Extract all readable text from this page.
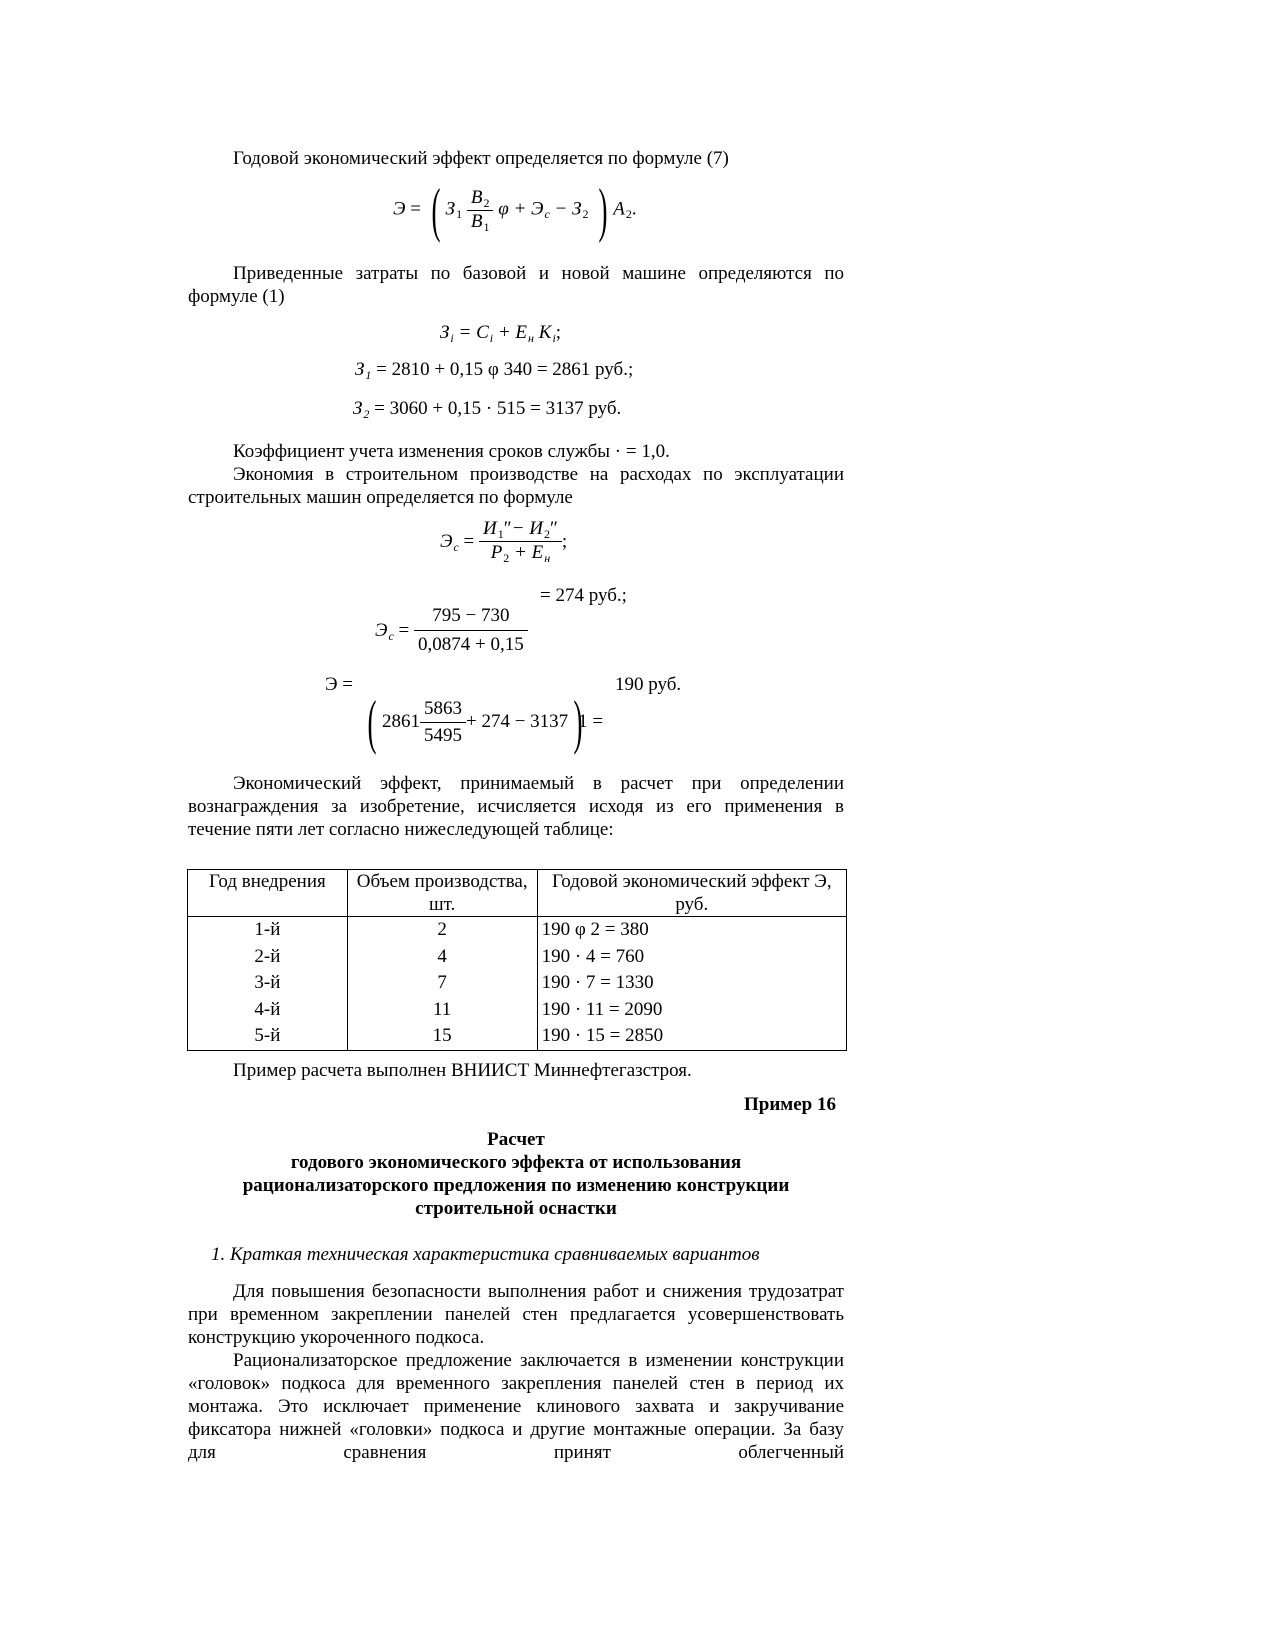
Годовой экономический эффект определяется по формуле (7)
Э = ( $З_1 \frac{В_2}{В_1}$ $\varphi + Э_с - З_2$ ) $A_2$.
Приведенные затраты по базовой и новой машине определяются по формуле (1)
$З_i = C_i + E_н$ $K_i$;
$З_1 = 2810 + 0,15$ φ 340 = 2861 руб.;
$З_2 = 3060 + 0,15 \cdot 515 = 3137$ руб.
Коэффициент учета изменения сроков службы · = 1,0.
Экономия в строительном производстве на расходах по эксплуатации строительных машин определяется по формуле
$Э_с = \frac{И_1''- И_2''}{P_2 + E_н}$ ;
= 274 руб.;
$Э_с = \frac{795 - 730}{0,0874 + 0,15}$
Э =	190 руб.
( $2861 \frac{5863}{5495} + 274 - 3137)1$ =
Экономический эффект, принимаемый в расчет при определении вознаграждения за изобретение, исчисляется исходя из его применения в течение пяти лет согласно нижеследующей таблице:
Год внедрения	Объем производства, шт.	Годовой экономический эффект Э, руб.
1-й	2	190 φ 2 = 380
2-й	4	190 · 4 = 760
3-й	7	190 · 7 = 1330
4-й	11	190 · 11 = 2090
5-й	15	190 · 15 = 2850
Пример расчета выполнен ВНИИСТ Миннефтегазстроя.
Пример 16
Расчет
годового экономического эффекта от использования
рационализаторского предложения по изменению конструкции
строительной оснастки
1. Краткая техническая характеристика сравниваемых вариантов
Для повышения безопасности выполнения работ и снижения трудозатрат при временном закреплении панелей стен предлагается усовершенствовать конструкцию укороченного подкоса.
Рационализаторское предложение заключается в изменении конструкции «головок» подкоса для временного закрепления панелей стен в период их монтажа. Это исключает применение клинового захвата и закручивание фиксатора нижней «головки» подкоса и другие монтажные операции. За базу для сравнения принят облегченный
